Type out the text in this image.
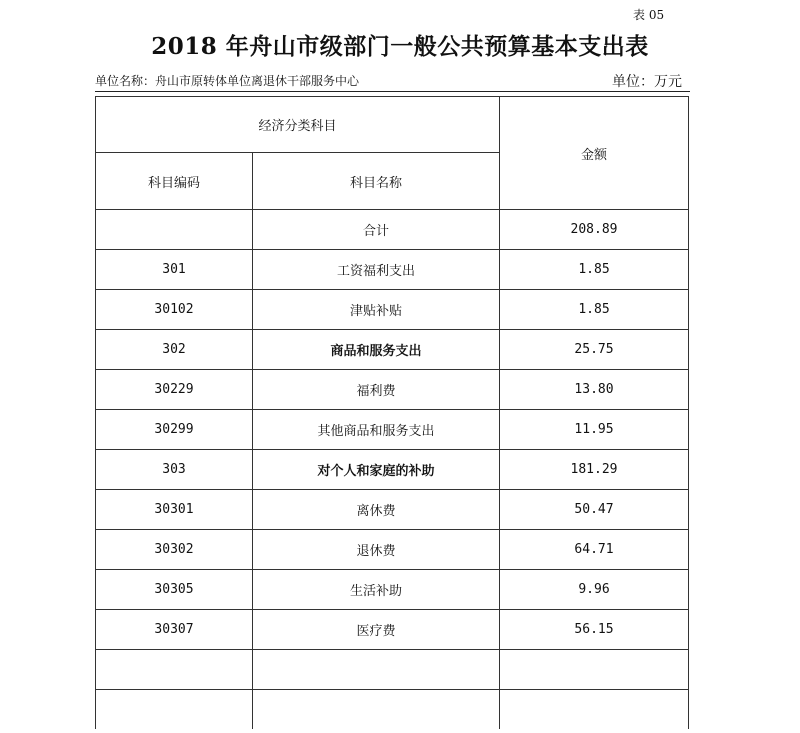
表 05
2018 年舟山市级部门一般公共预算基本支出表
单位名称：舟山市原转体单位离退休干部服务中心	单位：万元
经济分类科目		金额
科目编码	科目名称	
	合计	208.89
301	工资福利支出	1.85
30102	津贴补贴	1.85
302	商品和服务支出	25.75
30229	福利费	13.80
30299	其他商品和服务支出	11.95
303	对个人和家庭的补助	181.29
30301	离休费	50.47
30302	退休费	64.71
30305	生活补助	9.96
30307	医疗费	56.15
